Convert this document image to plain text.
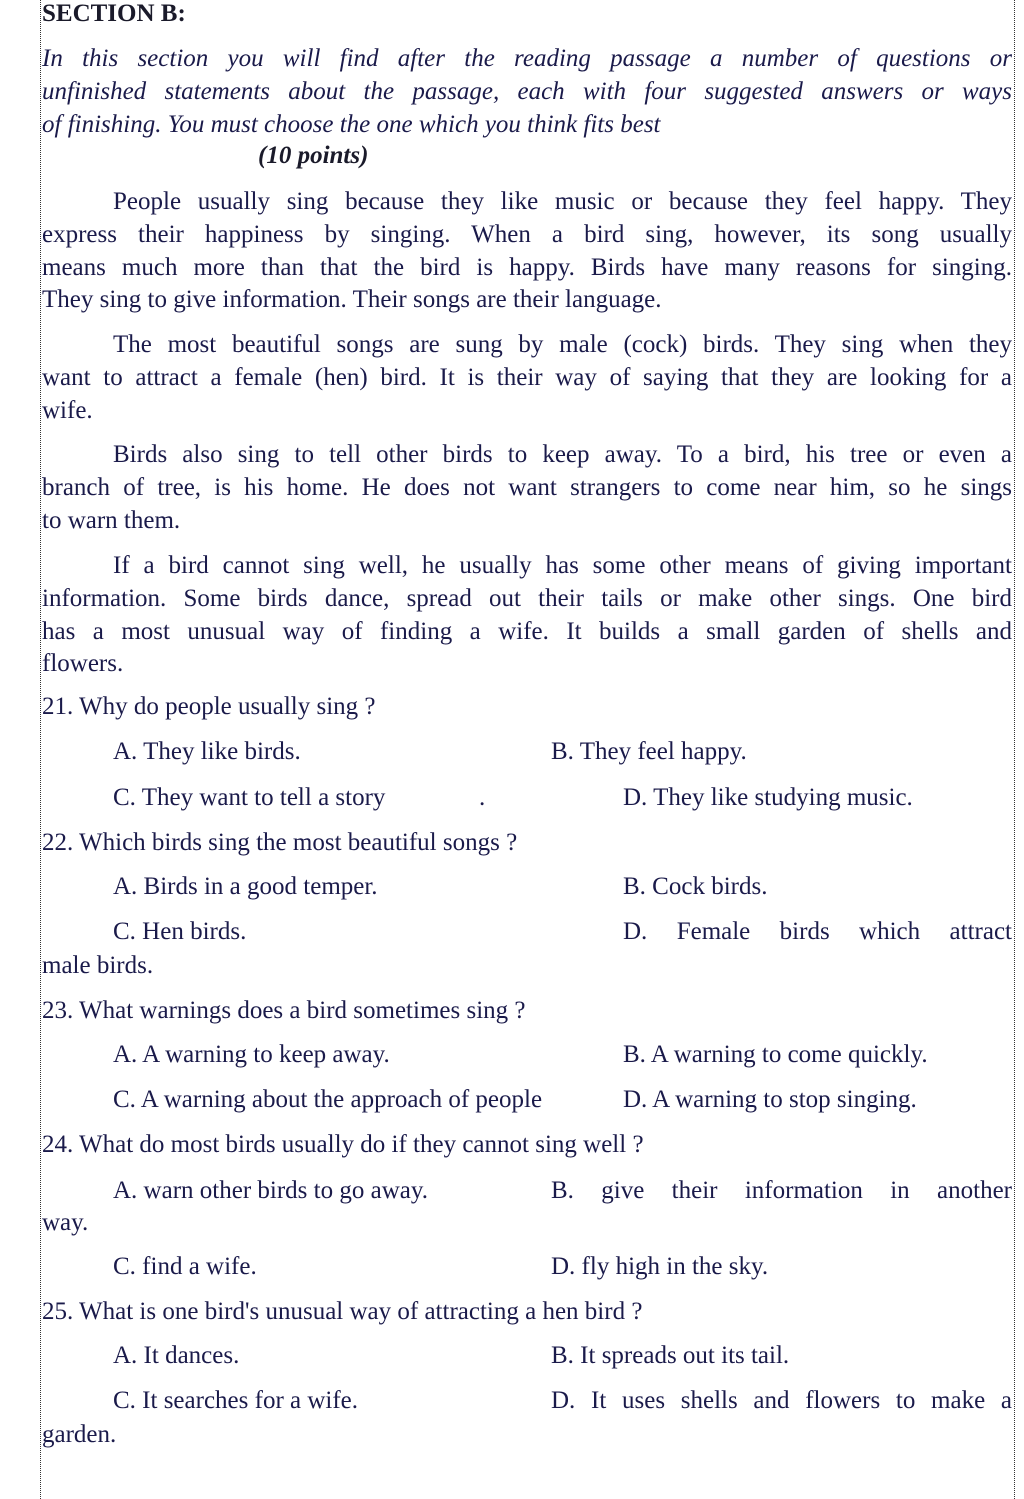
SECTION B:

In this section you will find after the reading passage a number of questions or

unfinished statements about the passage, each with four suggested answers or ways

of finishing. You must choose the one which you think fits best

(10 points)

People usually sing because they like music or because they feel happy. They

express their happiness by singing. When a bird sing, however, its song usually

means much more than that the bird is happy. Birds have many reasons for singing.

They sing to give information. Their songs are their language.

The most beautiful songs are sung by male (cock) birds. They sing when they

want to attract a female (hen) bird. It is their way of saying that they are looking for a

wife.

Birds also sing to tell other birds to keep away. To a bird, his tree or even a

branch of tree, is his home. He does not want strangers to come near him, so he sings

to warn them.

If a bird cannot sing well, he usually has some other means of giving important

information. Some birds dance, spread out their tails or make other sings. One bird

has a most unusual way of finding a wife. It builds a small garden of shells and

flowers.

21. Why do people usually sing ?

A. They like birds.	B. They feel happy.

C. They want to tell a story	.	D. They like studying music.

22. Which birds sing the most beautiful songs ?

A. Birds in a good temper.	B. Cock birds.

C. Hen birds.	D. Female birds which attract

male birds.

23. What warnings does a bird sometimes sing ?

A. A warning to keep away.	B. A warning to come quickly.

C. A warning about the approach of people	D. A warning to stop singing.

24. What do most birds usually do if they cannot sing well ?

A. warn other birds to go away.	B. give their information in another

way.

C. find a wife.	D. fly high in the sky.

25. What is one bird's unusual way of attracting a hen bird ?

A. It dances.	B. It spreads out its tail.

C. It searches for a wife.	D. It uses shells and flowers to make a

garden.
